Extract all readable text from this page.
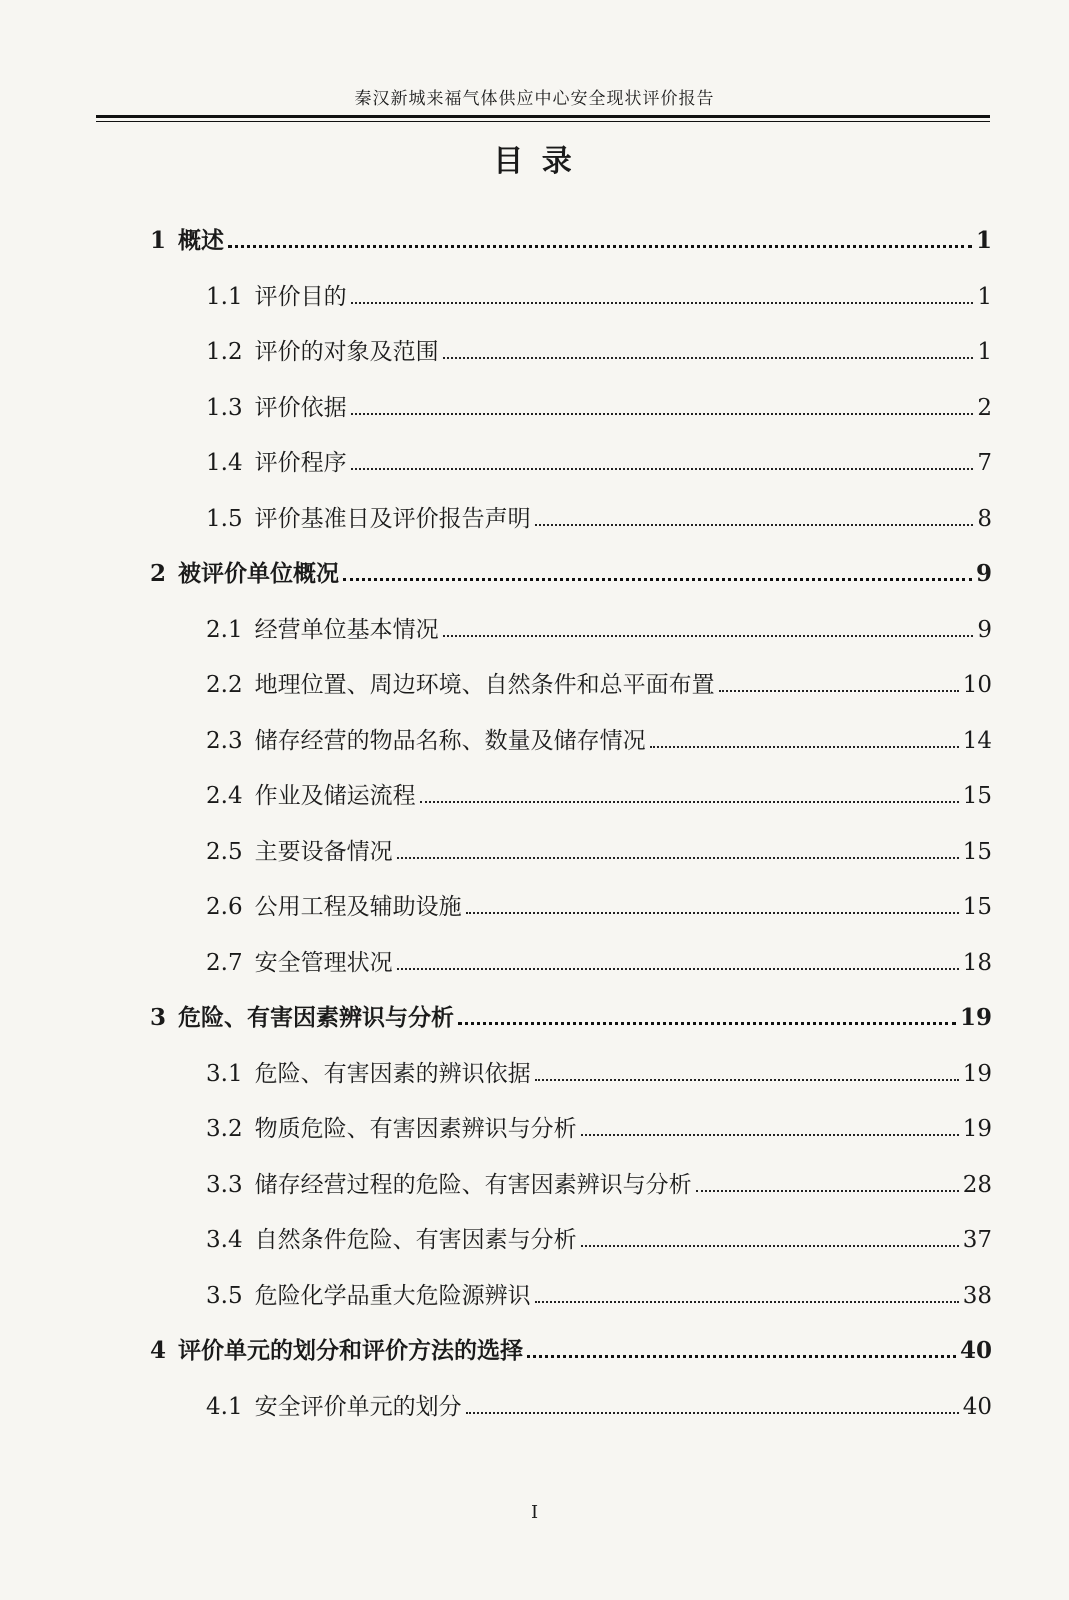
秦汉新城来福气体供应中心安全现状评价报告
目 录
1 概述	1
1.1 评价目的	1
1.2 评价的对象及范围	1
1.3 评价依据	2
1.4 评价程序	7
1.5 评价基准日及评价报告声明	8
2 被评价单位概况	9
2.1 经营单位基本情况	9
2.2 地理位置、周边环境、自然条件和总平面布置	10
2.3 储存经营的物品名称、数量及储存情况	14
2.4 作业及储运流程	15
2.5 主要设备情况	15
2.6 公用工程及辅助设施	15
2.7 安全管理状况	18
3 危险、有害因素辨识与分析	19
3.1 危险、有害因素的辨识依据	19
3.2 物质危险、有害因素辨识与分析	19
3.3 储存经营过程的危险、有害因素辨识与分析	28
3.4 自然条件危险、有害因素与分析	37
3.5 危险化学品重大危险源辨识	38
4 评价单元的划分和评价方法的选择	40
4.1 安全评价单元的划分	40
I
